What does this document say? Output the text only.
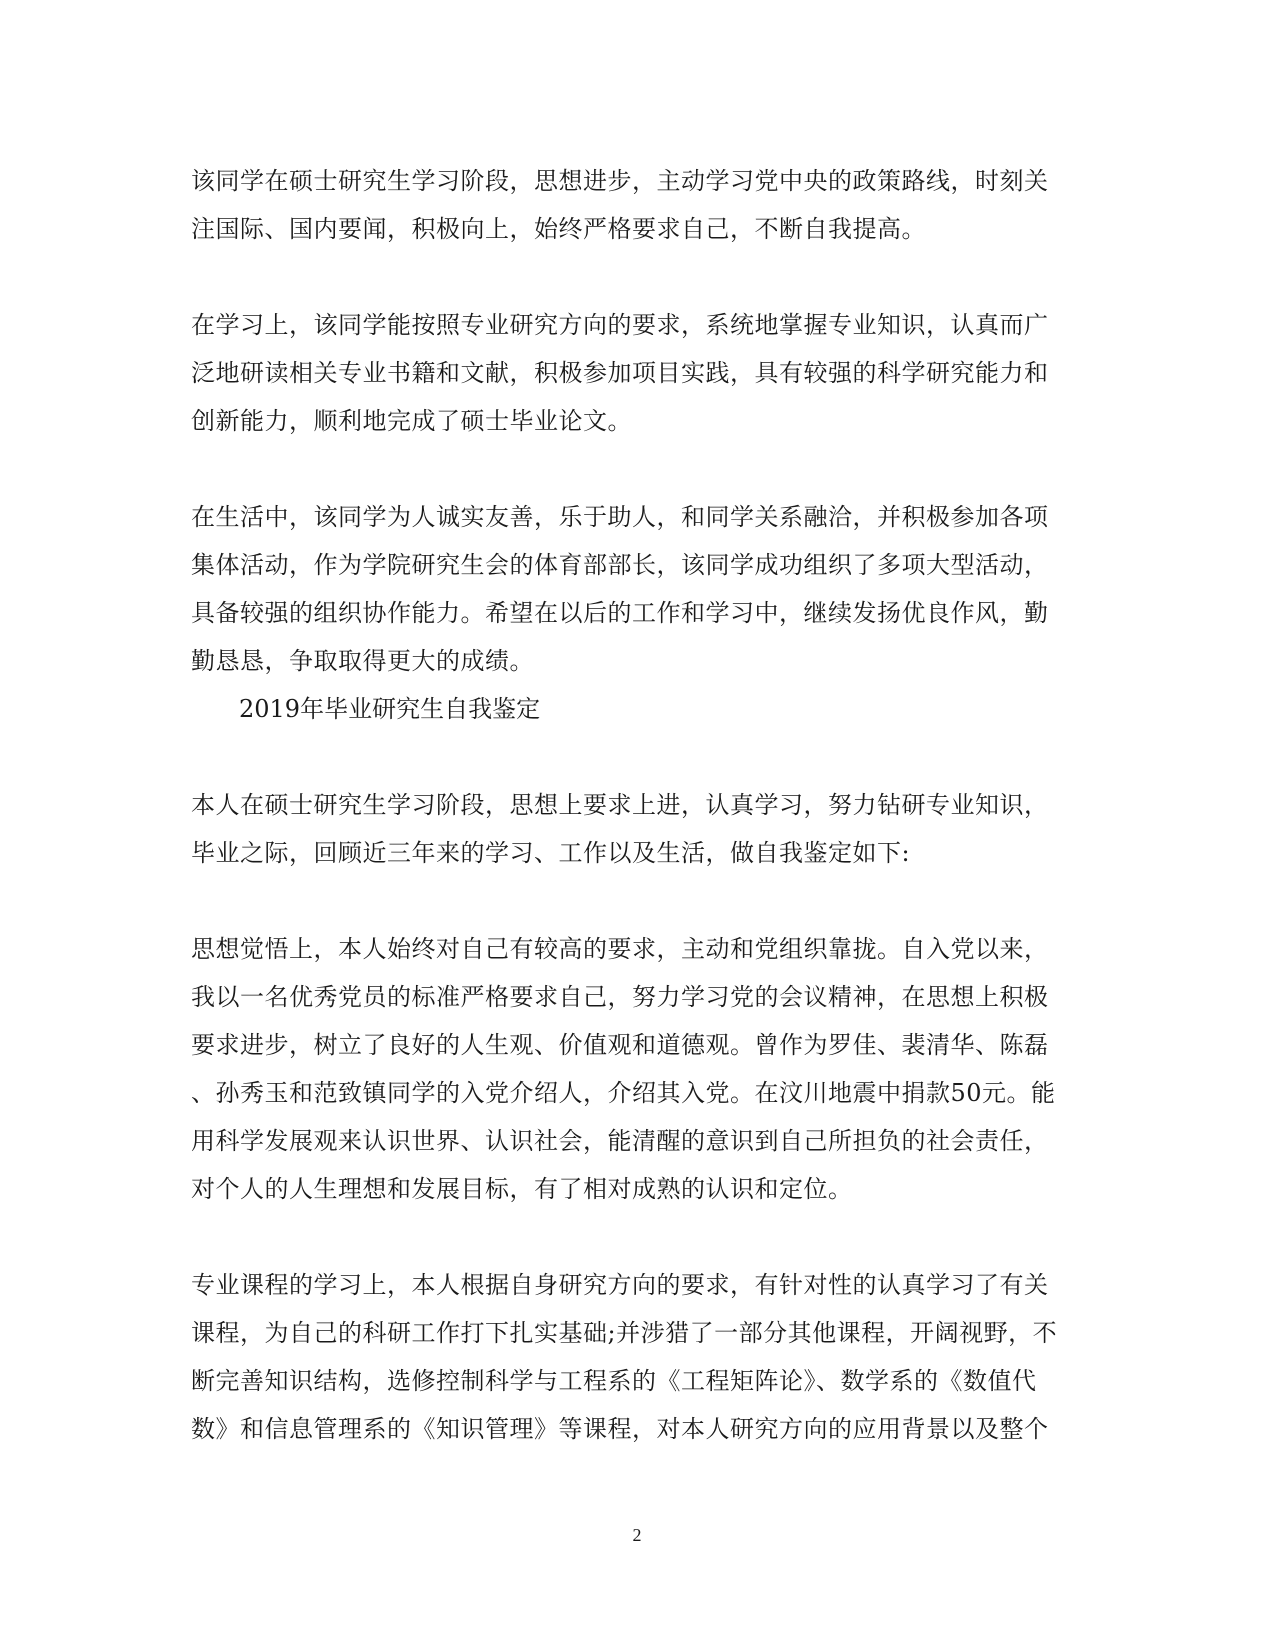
该同学在硕士研究生学习阶段，思想进步，主动学习党中央的政策路线，时刻关
注国际、国内要闻，积极向上，始终严格要求自己，不断自我提高。

在学习上，该同学能按照专业研究方向的要求，系统地掌握专业知识，认真而广
泛地研读相关专业书籍和文献，积极参加项目实践，具有较强的科学研究能力和
创新能力，顺利地完成了硕士毕业论文。

在生活中，该同学为人诚实友善，乐于助人，和同学关系融洽，并积极参加各项
集体活动，作为学院研究生会的体育部部长，该同学成功组织了多项大型活动，
具备较强的组织协作能力。希望在以后的工作和学习中，继续发扬优良作风，勤
勤恳恳，争取取得更大的成绩。

2019年毕业研究生自我鉴定

本人在硕士研究生学习阶段，思想上要求上进，认真学习，努力钻研专业知识，
毕业之际，回顾近三年来的学习、工作以及生活，做自我鉴定如下:

思想觉悟上，本人始终对自己有较高的要求，主动和党组织靠拢。自入党以来，
我以一名优秀党员的标准严格要求自己，努力学习党的会议精神，在思想上积极
要求进步，树立了良好的人生观、价值观和道德观。曾作为罗佳、裴清华、陈磊
、孙秀玉和范致镇同学的入党介绍人，介绍其入党。在汶川地震中捐款50元。能
用科学发展观来认识世界、认识社会，能清醒的意识到自己所担负的社会责任，
对个人的人生理想和发展目标，有了相对成熟的认识和定位。

专业课程的学习上，本人根据自身研究方向的要求，有针对性的认真学习了有关
课程，为自己的科研工作打下扎实基础;并涉猎了一部分其他课程，开阔视野，不
断完善知识结构，选修控制科学与工程系的《工程矩阵论》、数学系的《数值代
数》和信息管理系的《知识管理》等课程，对本人研究方向的应用背景以及整个

2
